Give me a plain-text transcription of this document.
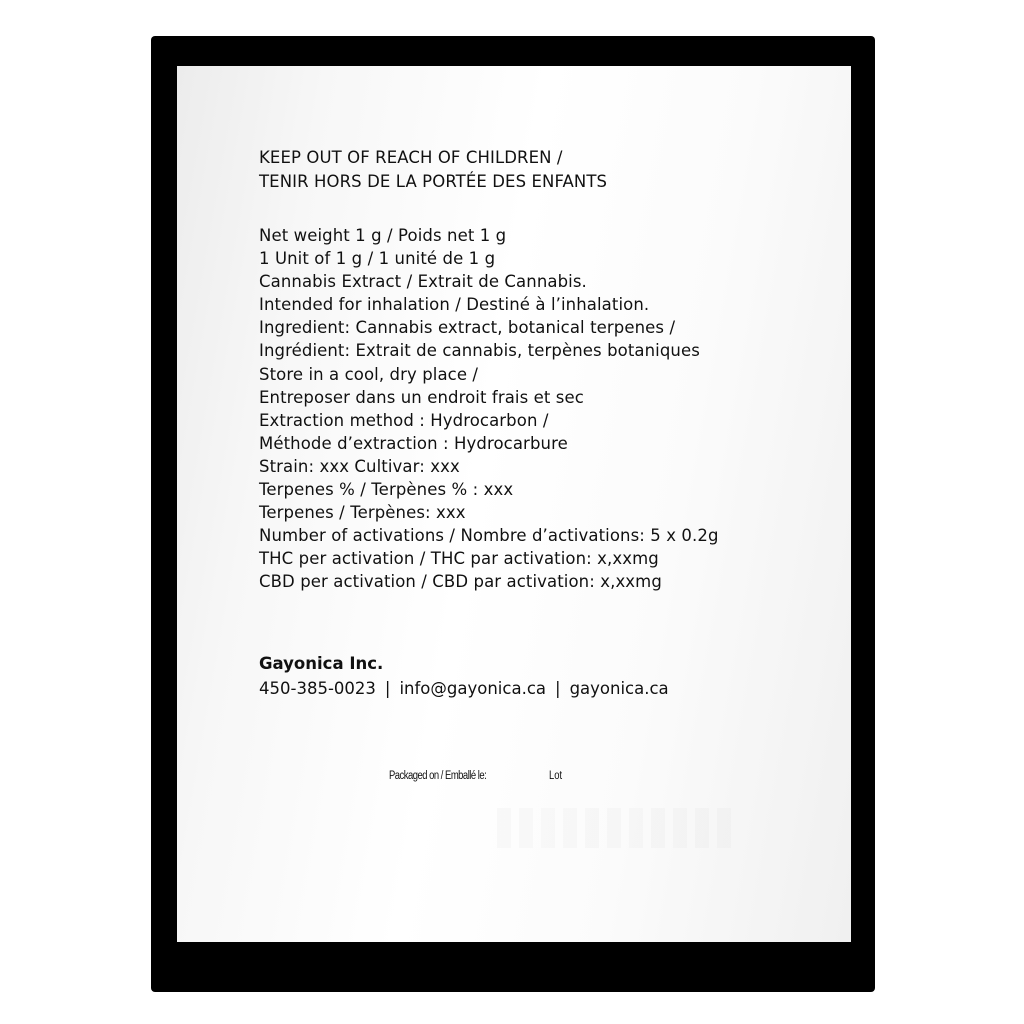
KEEP OUT OF REACH OF CHILDREN /
TENIR HORS DE LA PORTÉE DES ENFANTS
Net weight 1 g / Poids net 1 g
1 Unit of 1 g / 1 unité de 1 g
Cannabis Extract / Extrait de Cannabis.
Intended for inhalation / Destiné à l’inhalation.
Ingredient: Cannabis extract, botanical terpenes /
Ingrédient: Extrait de cannabis, terpènes botaniques
Store in a cool, dry place /
Entreposer dans un endroit frais et sec
Extraction method : Hydrocarbon /
Méthode d’extraction : Hydrocarbure
Strain: xxx Cultivar: xxx
Terpenes % / Terpènes % : xxx
Terpenes / Terpènes: xxx
Number of activations / Nombre d’activations: 5 x 0.2g
THC per activation / THC par activation: x,xxmg
CBD per activation / CBD par activation: x,xxmg
Gayonica Inc.
450-385-0023 | info@gayonica.ca | gayonica.ca
Packaged on / Emballé le:	Lot
